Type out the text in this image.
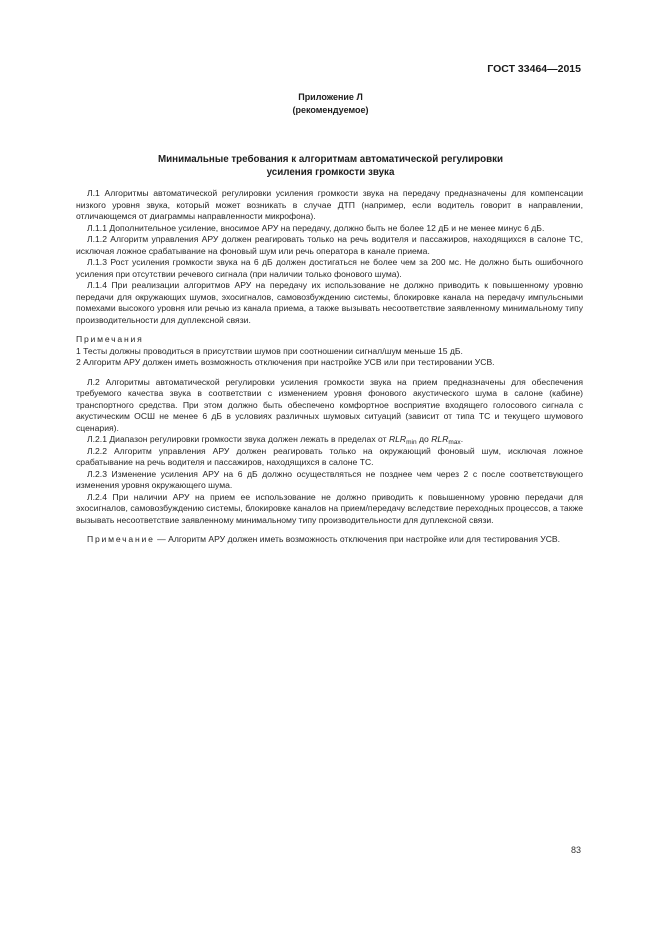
ГОСТ 33464—2015
Приложение Л
(рекомендуемое)
Минимальные требования к алгоритмам автоматической регулировки
усиления громкости звука

Л.1 Алгоритмы автоматической регулировки усиления громкости звука на передачу предназначены для компенсации низкого уровня звука, который может возникать в случае ДТП (например, если водитель говорит в направлении, отличающемся от диаграммы направленности микрофона).

Л.1.1 Дополнительное усиление, вносимое АРУ на передачу, должно быть не более 12 дБ и не менее минус 6 дБ.

Л.1.2 Алгоритм управления АРУ должен реагировать только на речь водителя и пассажиров, находящихся в салоне ТС, исключая ложное срабатывание на фоновый шум или речь оператора в канале приема.

Л.1.3 Рост усиления громкости звука на 6 дБ должен достигаться не более чем за 200 мс. Не должно быть ошибочного усиления при отсутствии речевого сигнала (при наличии только фонового шума).

Л.1.4 При реализации алгоритмов АРУ на передачу их использование не должно приводить к повышенному уровню передачи для окружающих шумов, эхосигналов, самовозбуждению системы, блокировке канала на передачу импульсными помехами высокого уровня или речью из канала приема, а также вызывать несоответствие заявленному минимальному типу производительности для дуплексной связи.

Примечания

1 Тесты должны проводиться в присутствии шумов при соотношении сигнал/шум меньше 15 дБ.

2 Алгоритм АРУ должен иметь возможность отключения при настройке УСВ или при тестировании УСВ.

Л.2 Алгоритмы автоматической регулировки усиления громкости звука на прием предназначены для обеспечения требуемого качества звука в соответствии с изменением уровня фонового акустического шума в салоне (кабине) транспортного средства. При этом должно быть обеспечено комфортное восприятие входящего голосового сигнала с акустическим ОСШ не менее 6 дБ в условиях различных шумовых ситуаций (зависит от типа ТС и текущего шумового сценария).

Л.2.1 Диапазон регулировки громкости звука должен лежать в пределах от $RLR_{min}$ до $RLR_{max}$.

Л.2.2 Алгоритм управления АРУ должен реагировать только на окружающий фоновый шум, исключая ложное срабатывание на речь водителя и пассажиров, находящихся в салоне ТС.

Л.2.3 Изменение усиления АРУ на 6 дБ должно осуществляться не позднее чем через 2 с после соответствующего изменения уровня окружающего шума.

Л.2.4 При наличии АРУ на прием ее использование не должно приводить к повышенному уровню передачи для эхосигналов, самовозбуждению системы, блокировке каналов на прием/передачу вследствие переходных процессов, а также вызывать несоответствие заявленному минимальному типу производительности для дуплексной связи.

Примечание — Алгоритм АРУ должен иметь возможность отключения при настройке или для тестирования УСВ.

83
